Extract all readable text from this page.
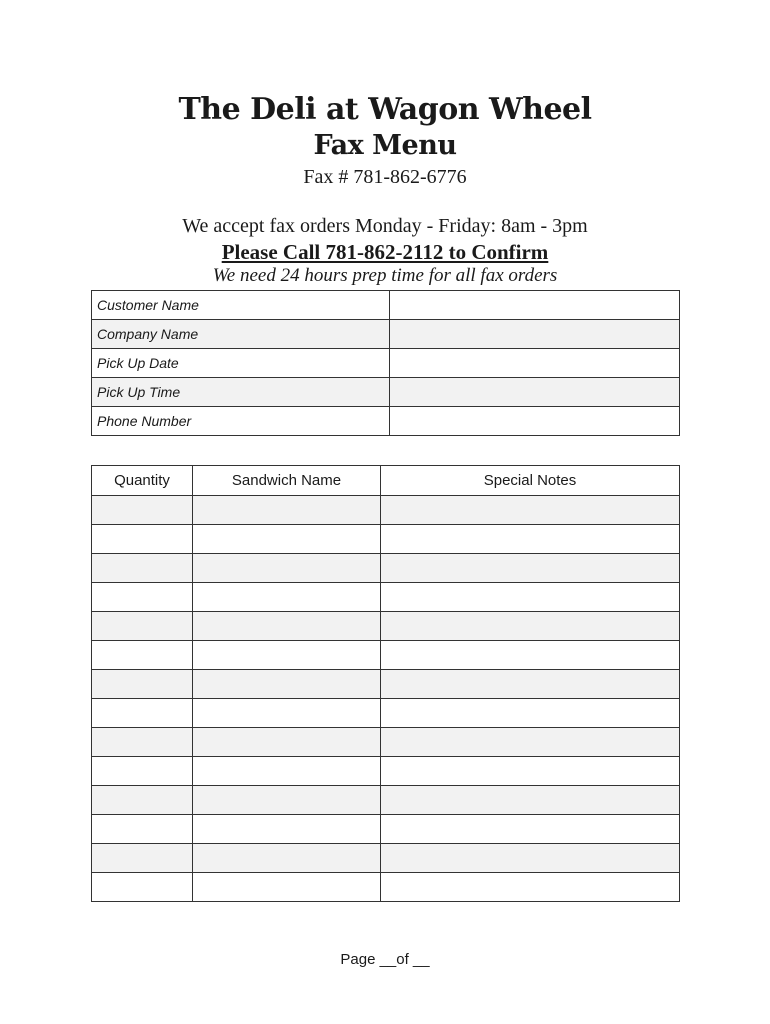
The Deli at Wagon Wheel
Fax Menu
Fax # 781-862-6776
We accept fax orders Monday - Friday: 8am - 3pm
Please Call 781-862-2112 to Confirm
We need 24 hours prep time for all fax orders
Customer Name	
Company Name	
Pick Up Date	
Pick Up Time	
Phone Number	
Quantity	Sandwich Name	Special Notes

Page __of __
